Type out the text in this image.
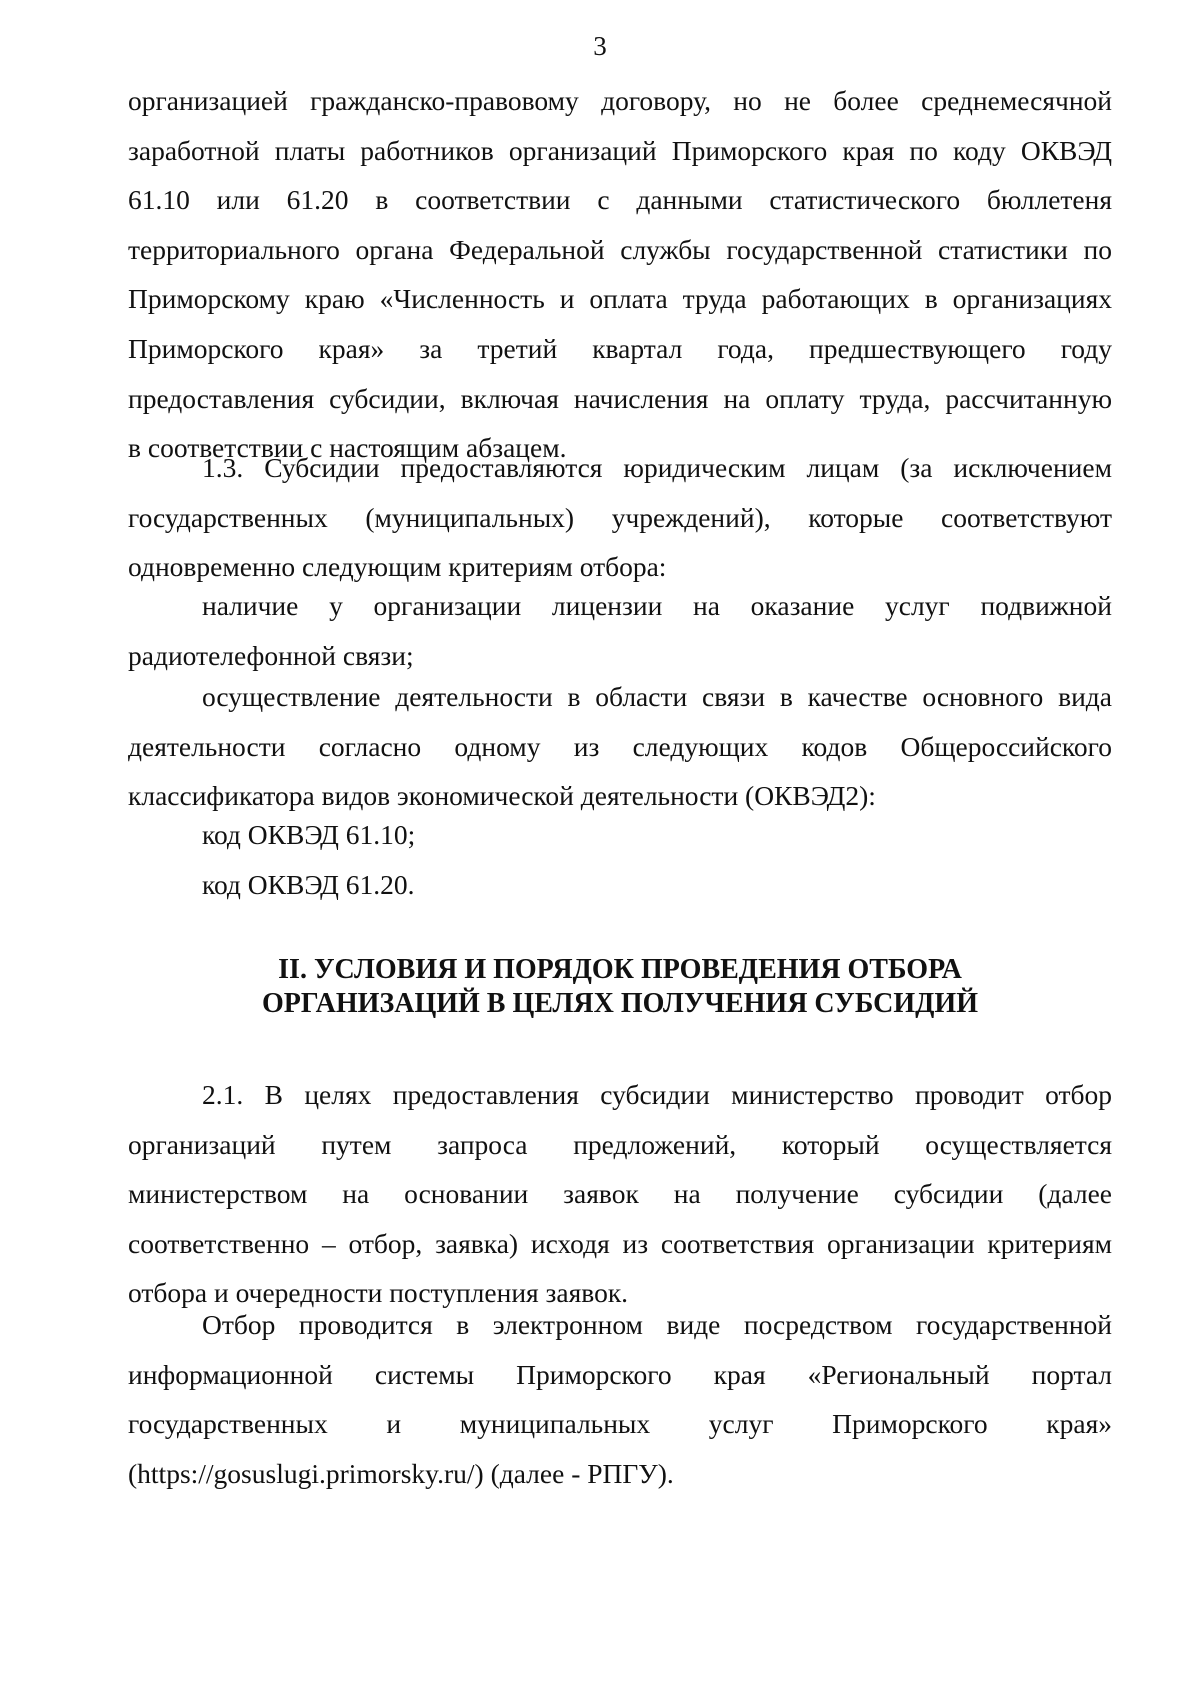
3
организацией гражданско-правовому договору, но не более среднемесячной
заработной платы работников организаций Приморского края по коду ОКВЭД
61.10 или 61.20 в соответствии с данными статистического бюллетеня
территориального органа Федеральной службы государственной статистики по
Приморскому краю «Численность и оплата труда работающих в организациях
Приморского края» за третий квартал года, предшествующего году
предоставления субсидии, включая начисления на оплату труда, рассчитанную
в соответствии с настоящим абзацем.
1.3. Субсидии предоставляются юридическим лицам (за исключением
государственных (муниципальных) учреждений), которые соответствуют
одновременно следующим критериям отбора:
наличие у организации лицензии на оказание услуг подвижной
радиотелефонной связи;
осуществление деятельности в области связи в качестве основного вида
деятельности согласно одному из следующих кодов Общероссийского
классификатора видов экономической деятельности (ОКВЭД2):
код ОКВЭД 61.10;
код ОКВЭД 61.20.
II. УСЛОВИЯ И ПОРЯДОК ПРОВЕДЕНИЯ ОТБОРА
ОРГАНИЗАЦИЙ В ЦЕЛЯХ ПОЛУЧЕНИЯ СУБСИДИЙ
2.1. В целях предоставления субсидии министерство проводит отбор
организаций путем запроса предложений, который осуществляется
министерством на основании заявок на получение субсидии (далее
соответственно – отбор, заявка) исходя из соответствия организации критериям
отбора и очередности поступления заявок.
Отбор проводится в электронном виде посредством государственной
информационной системы Приморского края «Региональный портал
государственных и муниципальных услуг Приморского края»
(https://gosuslugi.primorsky.ru/) (далее - РПГУ).
